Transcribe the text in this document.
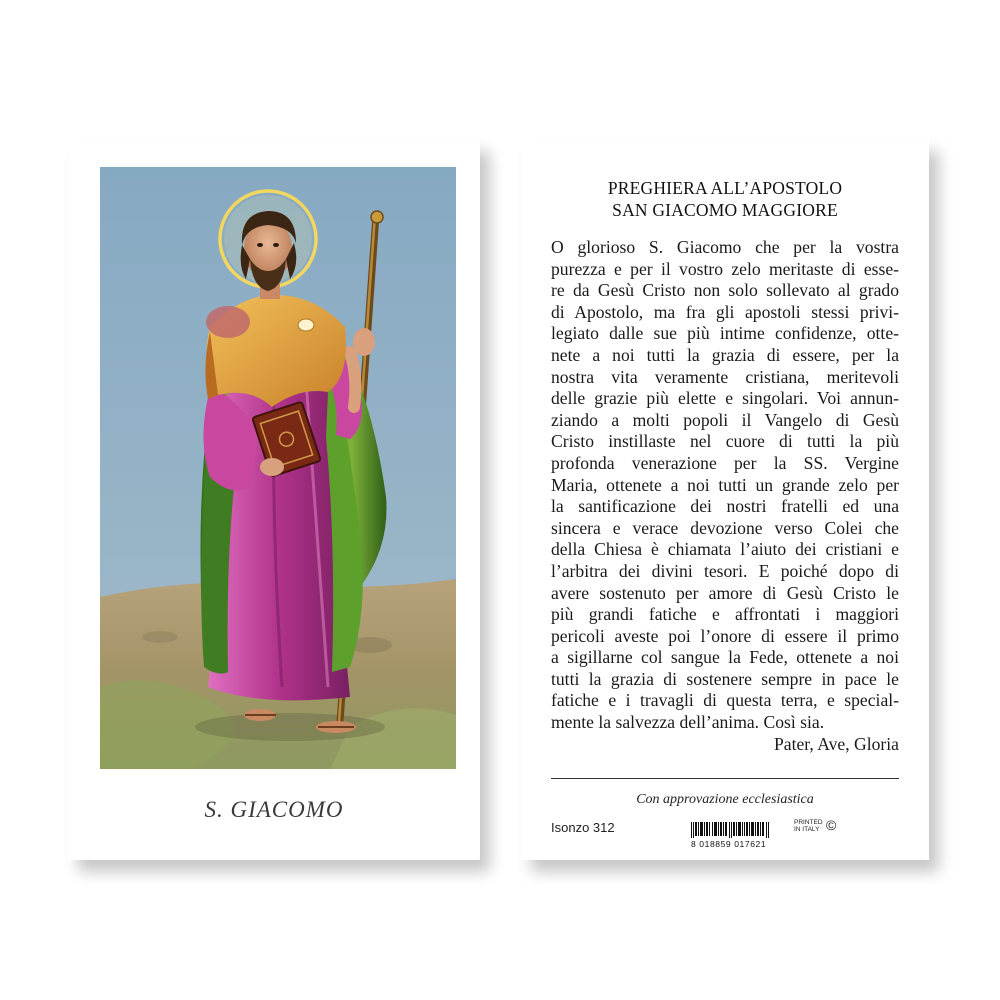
S. GIACOMO
PREGHIERA ALL’APOSTOLO
SAN GIACOMO MAGGIORE
O glorioso S. Giacomo che per la vostra
purezza e per il vostro zelo meritaste di esse-
re da Gesù Cristo non solo sollevato al grado
di Apostolo, ma fra gli apostoli stessi privi-
legiato dalle sue più intime confidenze, otte-
nete a noi tutti la grazia di essere, per la
nostra vita veramente cristiana, meritevoli
delle grazie più elette e singolari. Voi annun-
ziando a molti popoli il Vangelo di Gesù
Cristo instillaste nel cuore di tutti la più
profonda venerazione per la SS. Vergine
Maria, ottenete a noi tutti un grande zelo per
la santificazione dei nostri fratelli ed una
sincera e verace devozione verso Colei che
della Chiesa è chiamata l’aiuto dei cristiani e
l’arbitra dei divini tesori. E poiché dopo di
avere sostenuto per amore di Gesù Cristo le
più grandi fatiche e affrontati i maggiori
pericoli aveste poi l’onore di essere il primo
a sigillarne col sangue la Fede, ottenete a noi
tutti la grazia di sostenere sempre in pace le
fatiche e i travagli di questa terra, e special-
mente la salvezza dell’anima. Così sia.
Pater, Ave, Gloria
Con approvazione ecclesiastica
Isonzo 312
8 018859 017621
PRINTED
IN ITALY ©
